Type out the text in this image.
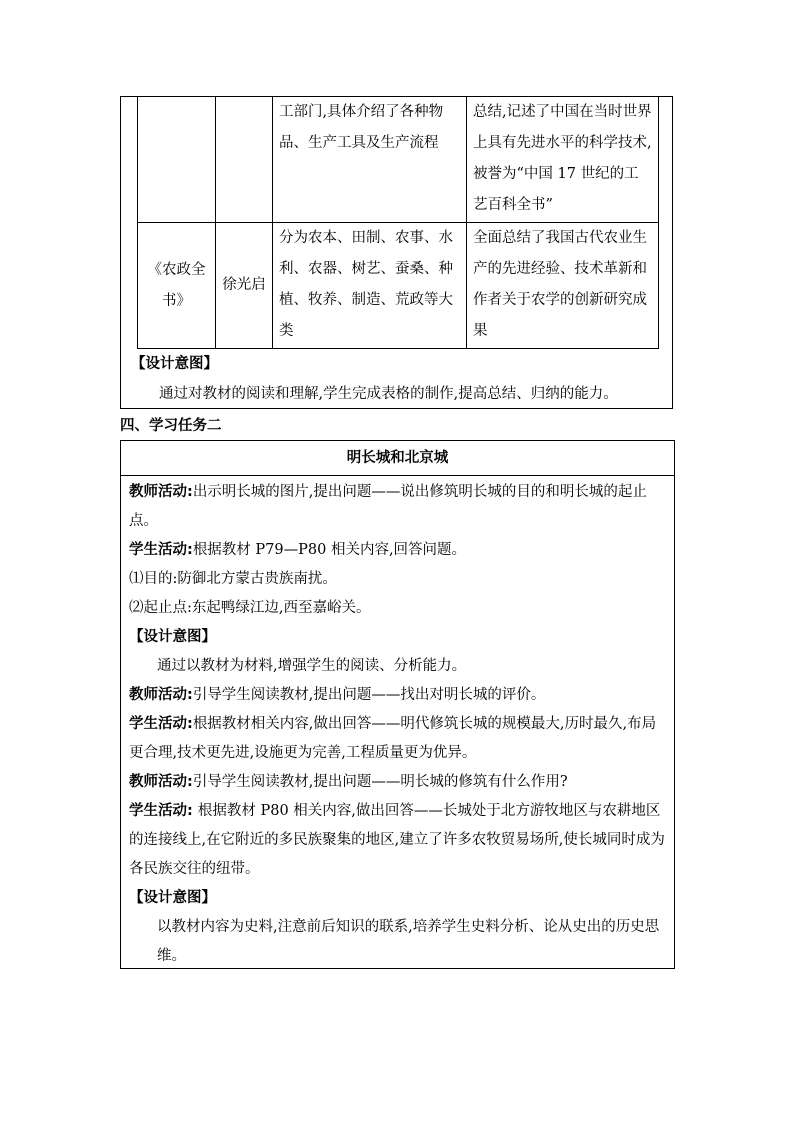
		工部门,具体介绍了各种物品、生产工具及生产流程	总结,记述了中国在当时世界上具有先进水平的科学技术,被誉为“中国 17 世纪的工艺百科全书”
《农政全书》	徐光启	分为农本、田制、农事、水利、农器、树艺、蚕桑、种植、牧养、制造、荒政等大类	全面总结了我国古代农业生产的先进经验、技术革新和作者关于农学的创新研究成果
【设计意图】
通过对教材的阅读和理解,学生完成表格的制作,提高总结、归纳的能力。
四、学习任务二
明长城和北京城

教师活动:出示明长城的图片,提出问题——说出修筑明长城的目的和明长城的起止点。

学生活动:根据教材 P79—P80 相关内容,回答问题。

⑴目的:防御北方蒙古贵族南扰。

⑵起止点:东起鸭绿江边,西至嘉峪关。

【设计意图】

通过以教材为材料,增强学生的阅读、分析能力。

教师活动:引导学生阅读教材,提出问题——找出对明长城的评价。

学生活动:根据教材相关内容,做出回答——明代修筑长城的规模最大,历时最久,布局更合理,技术更先进,设施更为完善,工程质量更为优异。

教师活动:引导学生阅读教材,提出问题——明长城的修筑有什么作用?

学生活动: 根据教材 P80 相关内容,做出回答——长城处于北方游牧地区与农耕地区的连接线上,在它附近的多民族聚集的地区,建立了许多农牧贸易场所,使长城同时成为各民族交往的纽带。

【设计意图】

以教材内容为史料,注意前后知识的联系,培养学生史料分析、论从史出的历史思维。
